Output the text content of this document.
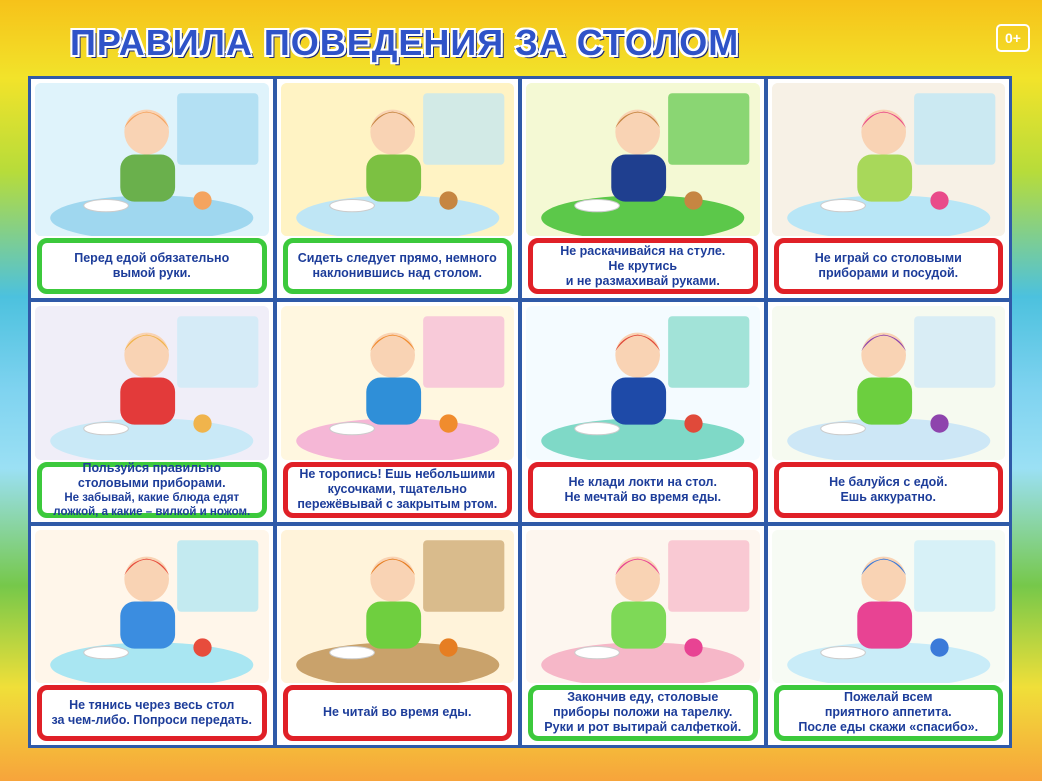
ПРАВИЛА ПОВЕДЕНИЯ ЗА СТОЛОМ	0+
Перед едой обязательно
вымой руки.
Сидеть следует прямо, немного
наклонившись над столом.
Не раскачивайся на стуле.
Не крутись
и не размахивай руками.
Не играй со столовыми
приборами и посудой.
Пользуйся правильно
столовыми приборами.
Не забывай, какие блюда едят
ложкой, а какие – вилкой и ножом.
Не торопись! Ешь небольшими
кусочками, тщательно
пережёвывай с закрытым ртом.
Не клади локти на стол.
Не мечтай во время еды.
Не балуйся с едой.
Ешь аккуратно.
Не тянись через весь стол
за чем-либо. Попроси передать.
Не читай во время еды.
Закончив еду, столовые
приборы положи на тарелку.
Руки и рот вытирай салфеткой.
Пожелай всем
приятного аппетита.
После еды скажи «спасибо».
